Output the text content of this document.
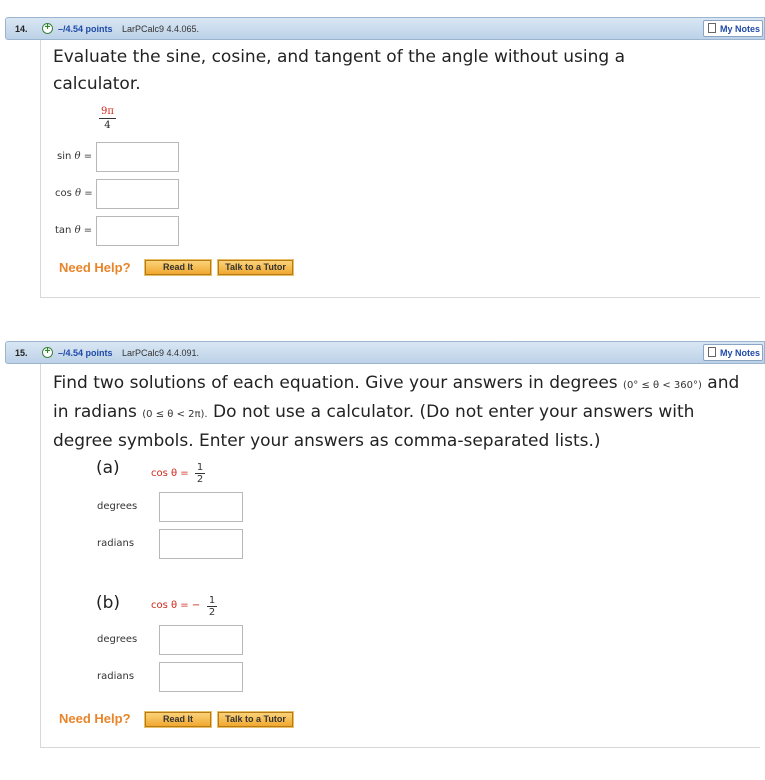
14. + –/4.54 points LarPCalc9 4.4.065.	My Notes
Evaluate the sine, cosine, and tangent of the angle without using a calculator.
$\frac{9\pi}{4}$
sin θ =
cos θ =
tan θ =
Need Help?	Read It	Talk to a Tutor
15. + –/4.54 points LarPCalc9 4.4.091.	My Notes
Find two solutions of each equation. Give your answers in degrees (0° ≤ θ < 360°) and in radians (0 ≤ θ < 2π). Do not use a calculator. (Do not enter your answers with degree symbols. Enter your answers as comma-separated lists.)
(a)	cos θ =
1
2
degrees
radians
(b)	cos θ = − 1
2
degrees
radians
Need Help?	Read It	Talk to a Tutor
